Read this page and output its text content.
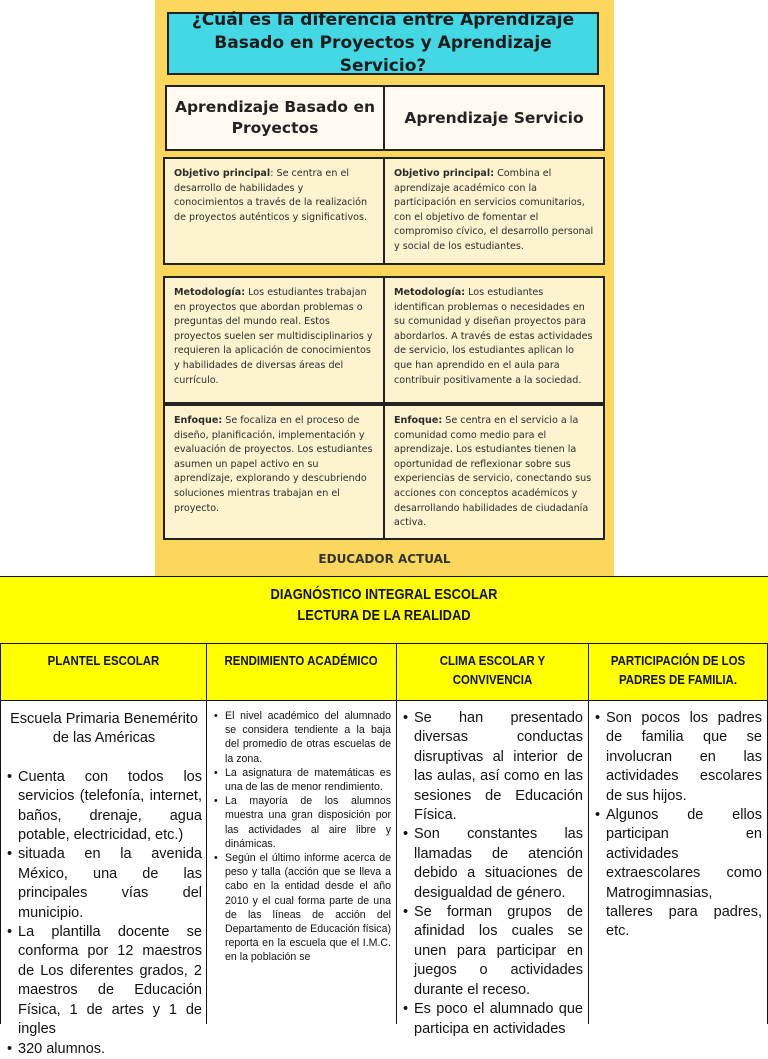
¿Cuál es la diferencia entre Aprendizaje Basado en Proyectos y Aprendizaje Servicio?
Aprendizaje Basado en Proyectos
Aprendizaje Servicio
Objetivo principal: Se centra en el desarrollo de habilidades y conocimientos a través de la realización de proyectos auténticos y significativos.
Objetivo principal: Combina el aprendizaje académico con la participación en servicios comunitarios, con el objetivo de fomentar el compromiso cívico, el desarrollo personal y social de los estudiantes.
Metodología: Los estudiantes trabajan en proyectos que abordan problemas o preguntas del mundo real. Estos proyectos suelen ser multidisciplinarios y requieren la aplicación de conocimientos y habilidades de diversas áreas del currículo.
Metodología: Los estudiantes identifican problemas o necesidades en su comunidad y diseñan proyectos para abordarlos. A través de estas actividades de servicio, los estudiantes aplican lo que han aprendido en el aula para contribuir positivamente a la sociedad.
Enfoque: Se focaliza en el proceso de diseño, planificación, implementación y evaluación de proyectos. Los estudiantes asumen un papel activo en su aprendizaje, explorando y descubriendo soluciones mientras trabajan en el proyecto.
Enfoque: Se centra en el servicio a la comunidad como medio para el aprendizaje. Los estudiantes tienen la oportunidad de reflexionar sobre sus experiencias de servicio, conectando sus acciones con conceptos académicos y desarrollando habilidades de ciudadanía activa.
EDUCADOR ACTUAL
DIAGNÓSTICO INTEGRAL ESCOLAR
LECTURA DE LA REALIDAD
PLANTEL ESCOLAR	RENDIMIENTO ACADÉMICO	CLIMA ESCOLAR Y CONVIVENCIA
PARTICIPACIÓN DE LOS PADRES DE FAMILIA.
Escuela Primaria Benemérito de las Américas
• Cuenta con todos los servicios (telefonía, internet, baños, drenaje, agua potable, electricidad, etc.)
• situada en la avenida México, una de las principales vías del municipio.
• La plantilla docente se conforma por 12 maestros de Los diferentes grados, 2 maestros de Educación Física, 1 de artes y 1 de ingles
• 320 alumnos.
• El nivel académico del alumnado se considera tendiente a la baja del promedio de otras escuelas de la zona.
• La asignatura de matemáticas es una de las de menor rendimiento.
• La mayoría de los alumnos muestra una gran disposición por las actividades al aire libre y dinámicas.
• Según el último informe acerca de peso y talla (acción que se lleva a cabo en la entidad desde el año 2010 y el cual forma parte de una de las líneas de acción del Departamento de Educación física) reporta en la escuela que el I.M.C. en la población se
• Se han presentado diversas conductas disruptivas al interior de las aulas, así como en las sesiones de Educación Física.
• Son constantes las llamadas de atención debido a situaciones de desigualdad de género.
• Se forman grupos de afinidad los cuales se unen para participar en juegos o actividades durante el receso.
• Es poco el alumnado que participa en actividades
• Son pocos los padres de familia que se involucran en las actividades escolares de sus hijos.
• Algunos de ellos participan en actividades extraescolares como Matrogimnasias, talleres para padres, etc.
